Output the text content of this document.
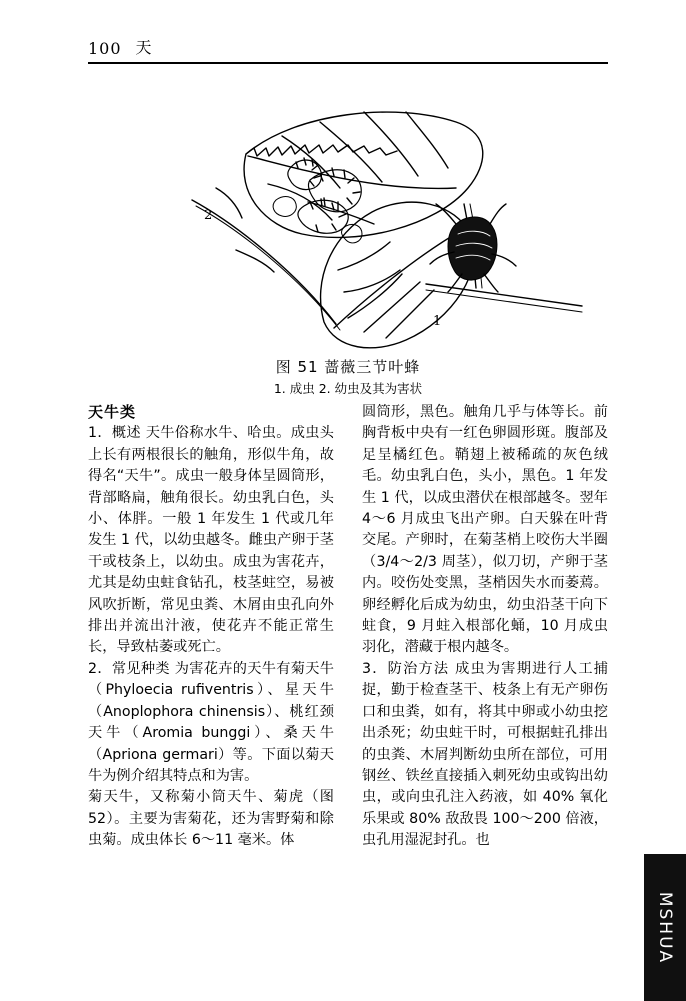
100 天
2
1
图 51 蔷薇三节叶蜂
1. 成虫 2. 幼虫及其为害状

天牛类

1．概述 天牛俗称水牛、哈虫。成虫头上长有两根很长的触角，形似牛角，故得名“天牛”。成虫一般身体呈圆筒形，背部略扁，触角很长。幼虫乳白色，头小、体胖。一般 1 年发生 1 代或几年发生 1 代，以幼虫越冬。雌虫产卵于茎干或枝条上，以幼虫。成虫为害花卉，尤其是幼虫蛀食钻孔，枝茎蛀空，易被风吹折断，常见虫粪、木屑由虫孔向外排出并流出汁液，使花卉不能正常生长，导致枯萎或死亡。

2．常见种类 为害花卉的天牛有菊天牛（Phyloecia rufiventris）、星天牛（Anoplophora chinensis）、桃红颈天牛（Aromia bunggi）、桑天牛（Apriona germari）等。下面以菊天牛为例介绍其特点和为害。

菊天牛，又称菊小筒天牛、菊虎（图 52）。主要为害菊花，还为害野菊和除虫菊。成虫体长 6～11 毫米。体

圆筒形，黑色。触角几乎与体等长。前胸背板中央有一红色卵圆形斑。腹部及足呈橘红色。鞘翅上被稀疏的灰色绒毛。幼虫乳白色，头小，黑色。1 年发生 1 代，以成虫潜伏在根部越冬。翌年 4～6 月成虫飞出产卵。白天躲在叶背交尾。产卵时，在菊茎梢上咬伤大半圈（3/4～2/3 周茎），似刀切，产卵于茎内。咬伤处变黑，茎梢因失水而萎蔫。卵经孵化后成为幼虫，幼虫沿茎干向下蛀食，9 月蛀入根部化蛹，10 月成虫羽化，潜藏于根内越冬。

3．防治方法 成虫为害期进行人工捕捉，勤于检查茎干、枝条上有无产卵伤口和虫粪，如有，将其中卵或小幼虫挖出杀死；幼虫蛀干时，可根据蛀孔排出的虫粪、木屑判断幼虫所在部位，可用钢丝、铁丝直接插入刺死幼虫或钩出幼虫，或向虫孔注入药液，如 40% 氧化乐果或 80% 敌敌畏 100～200 倍液，虫孔用湿泥封孔。也

MSHUA
